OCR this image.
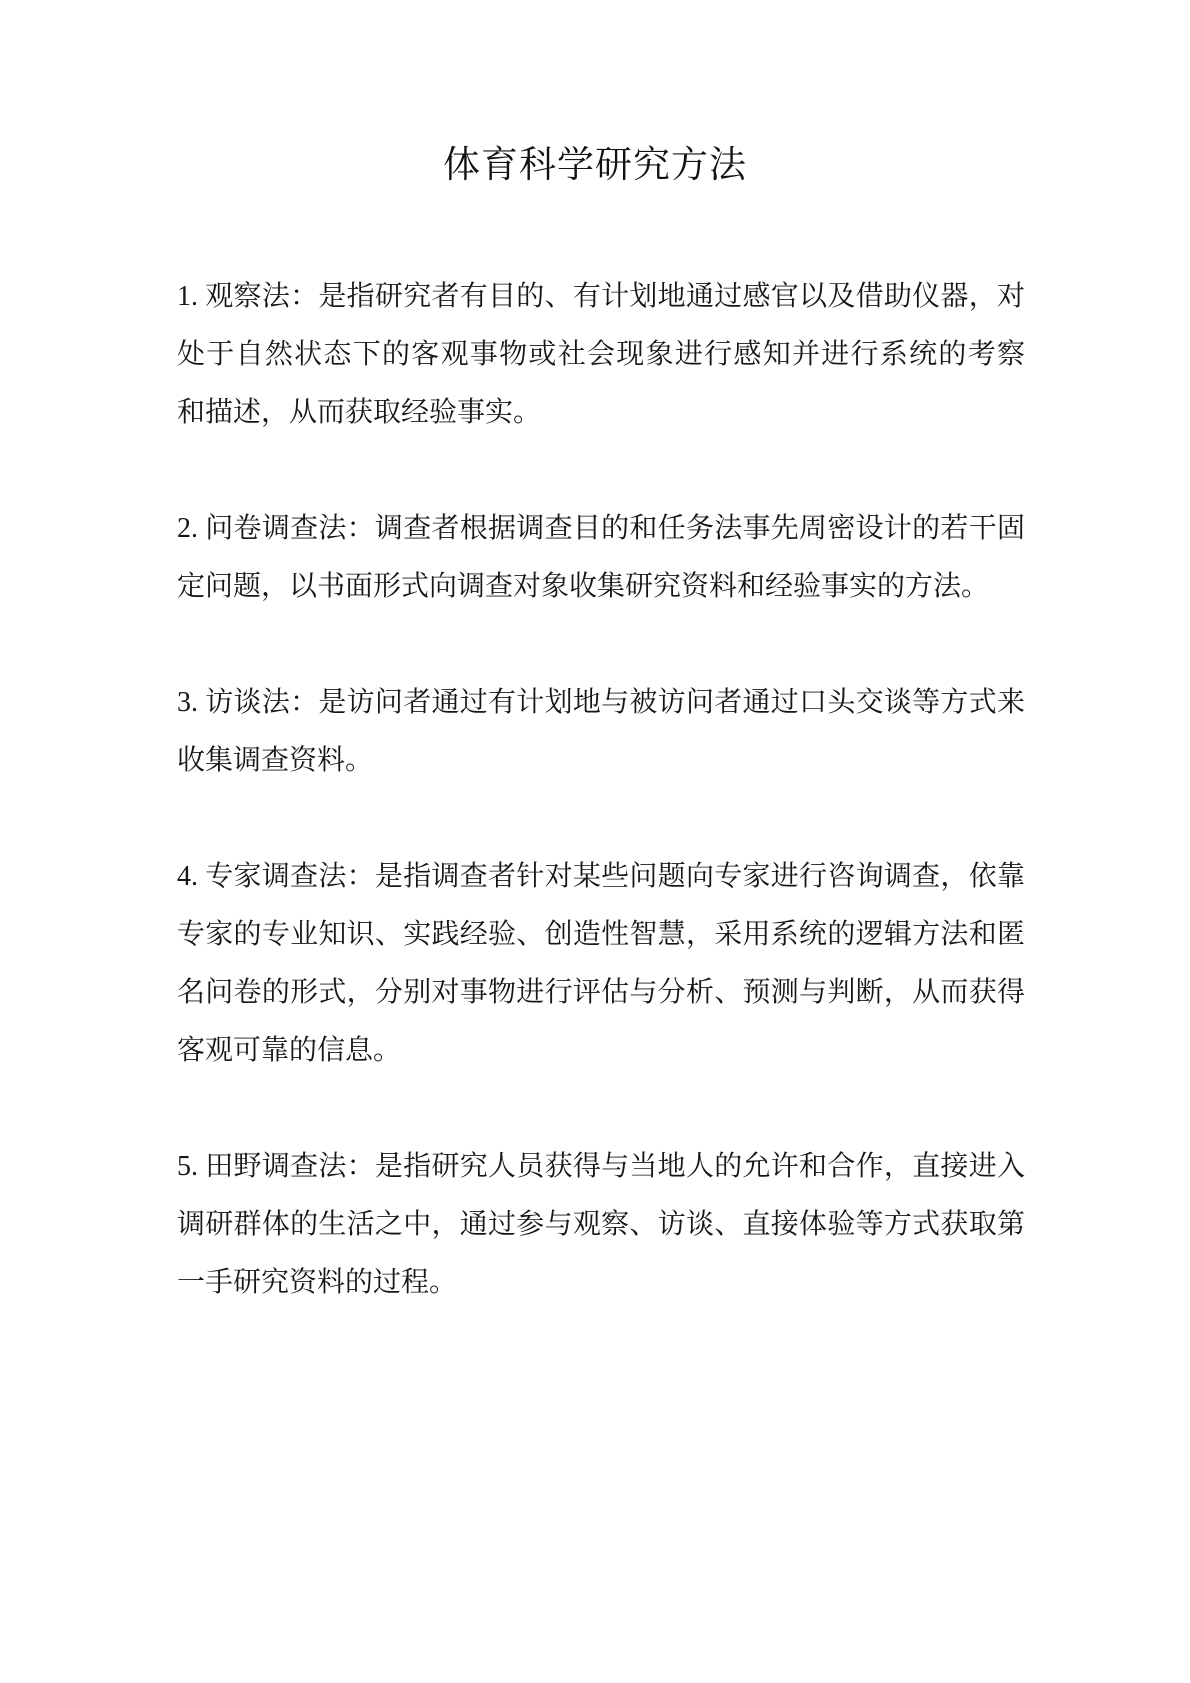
体育科学研究方法
1. 观察法：是指研究者有目的、有计划地通过感官以及借助仪器，对
处于自然状态下的客观事物或社会现象进行感知并进行系统的考察
和描述，从而获取经验事实。
2. 问卷调查法：调查者根据调查目的和任务法事先周密设计的若干固
定问题，以书面形式向调查对象收集研究资料和经验事实的方法。
3. 访谈法：是访问者通过有计划地与被访问者通过口头交谈等方式来
收集调查资料。
4. 专家调查法：是指调查者针对某些问题向专家进行咨询调查，依靠
专家的专业知识、实践经验、创造性智慧，采用系统的逻辑方法和匿
名问卷的形式，分别对事物进行评估与分析、预测与判断，从而获得
客观可靠的信息。
5. 田野调查法：是指研究人员获得与当地人的允许和合作，直接进入
调研群体的生活之中，通过参与观察、访谈、直接体验等方式获取第
一手研究资料的过程。
